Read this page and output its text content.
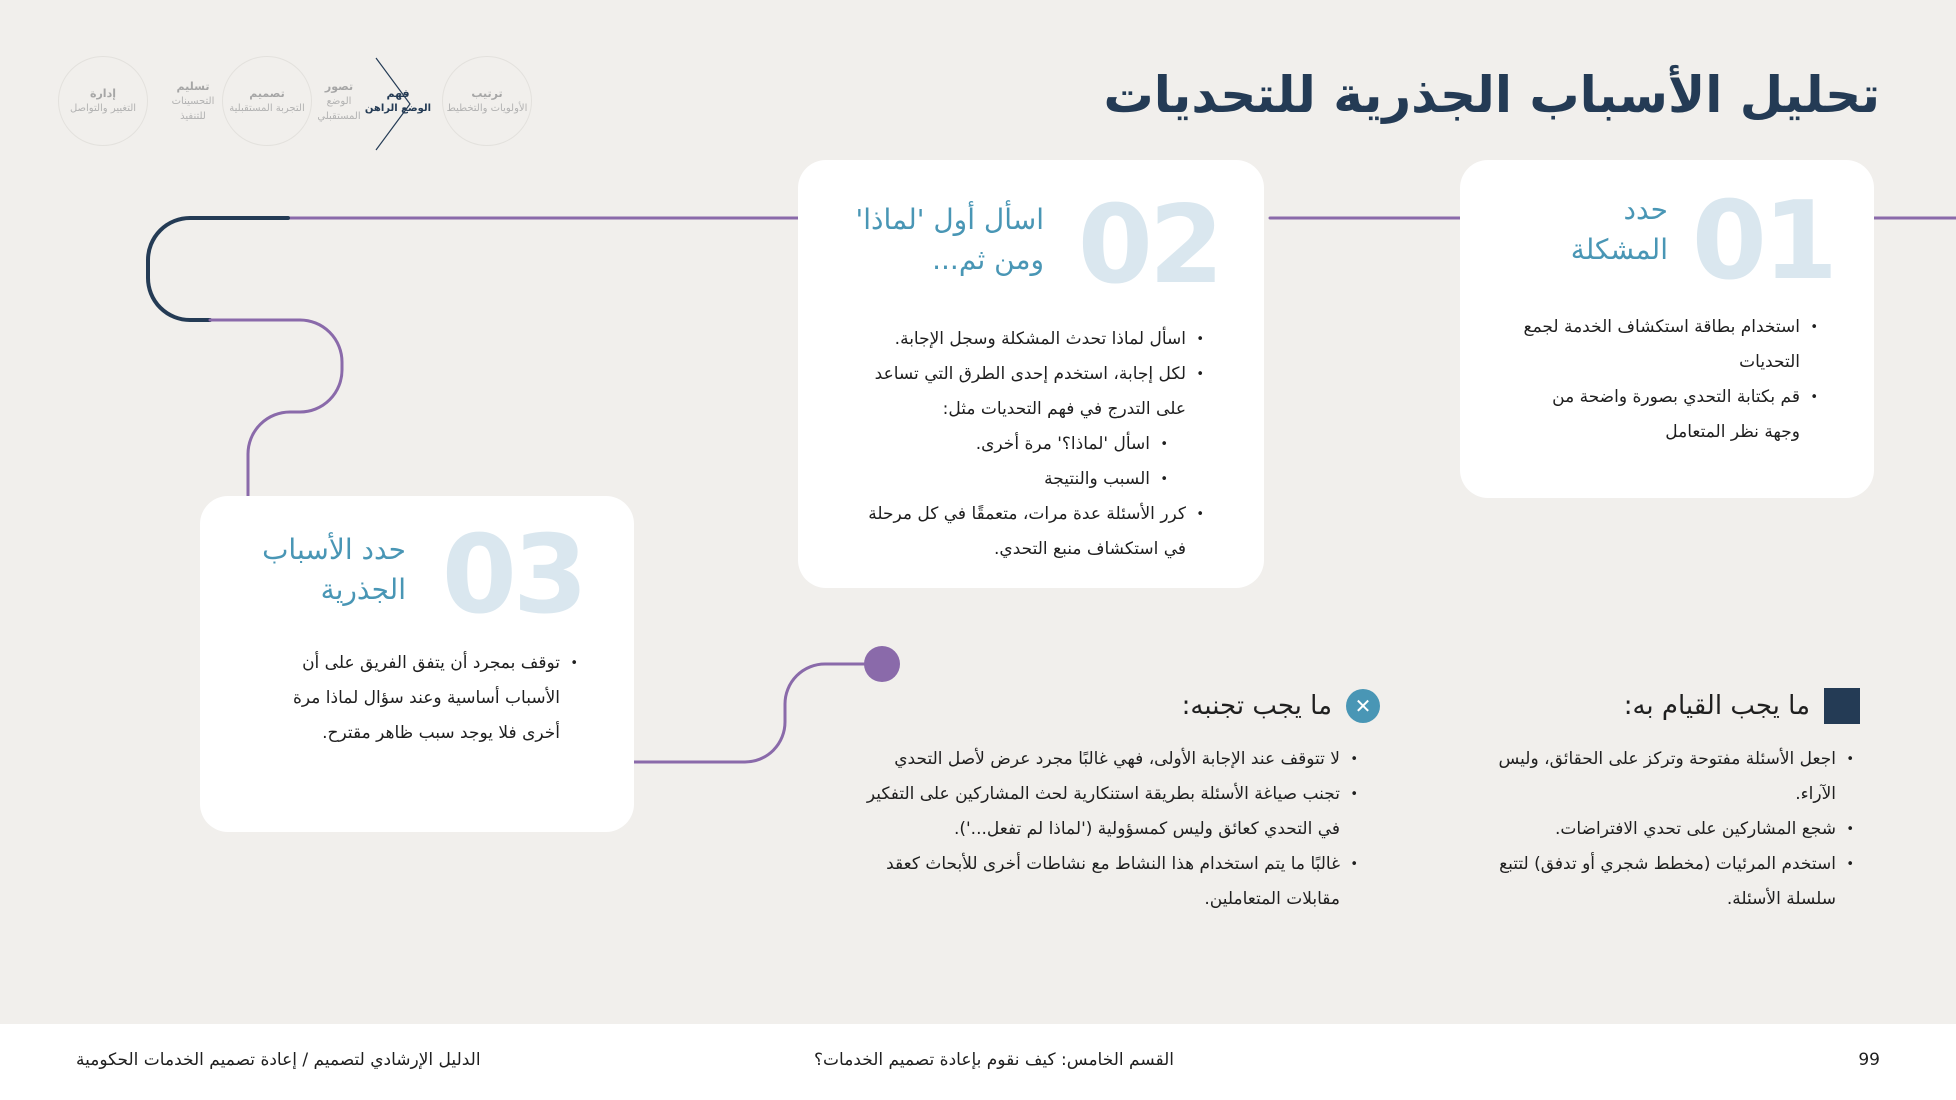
تحليل الأسباب الجذرية للتحديات
ترتيب
الأولويات والتخطيط
فهم
الوضع الراهن
تصور
الوضع المستقبلي
تصميم
التجربة المستقبلية
تسليم
التحسينات للتنفيذ
إدارة
التغيير والتواصل
01
حدد
المشكلة
• استخدام بطاقة استكشاف الخدمة لجمع التحديات
• قم بكتابة التحدي بصورة واضحة من وجهة نظر المتعامل
02
اسأل أول 'لماذا'
ومن ثم...
• اسأل لماذا تحدث المشكلة وسجل الإجابة.
• لكل إجابة، استخدم إحدى الطرق التي تساعد على التدرج في فهم التحديات مثل:
• اسأل 'لماذا؟' مرة أخرى.
• السبب والنتيجة
• كرر الأسئلة عدة مرات، متعمقًا في كل مرحلة في استكشاف منبع التحدي.
03
حدد الأسباب
الجذرية
• توقف بمجرد أن يتفق الفريق على أن الأسباب أساسية وعند سؤال لماذا مرة أخرى فلا يوجد سبب ظاهر مقترح.
ما يجب القيام به:
• اجعل الأسئلة مفتوحة وتركز على الحقائق، وليس الآراء.
• شجع المشاركين على تحدي الافتراضات.
• استخدم المرئيات (مخطط شجري أو تدفق) لتتبع سلسلة الأسئلة.
✕
ما يجب تجنبه:
• لا تتوقف عند الإجابة الأولى، فهي غالبًا مجرد عرض لأصل التحدي
• تجنب صياغة الأسئلة بطريقة استنكارية لحث المشاركين على التفكير في التحدي كعائق وليس كمسؤولية ('لماذا لم تفعل...').
• غالبًا ما يتم استخدام هذا النشاط مع نشاطات أخرى للأبحاث كعقد مقابلات المتعاملين.
99
القسم الخامس: كيف نقوم بإعادة تصميم الخدمات؟
الدليل الإرشادي لتصميم / إعادة تصميم الخدمات الحكومية
